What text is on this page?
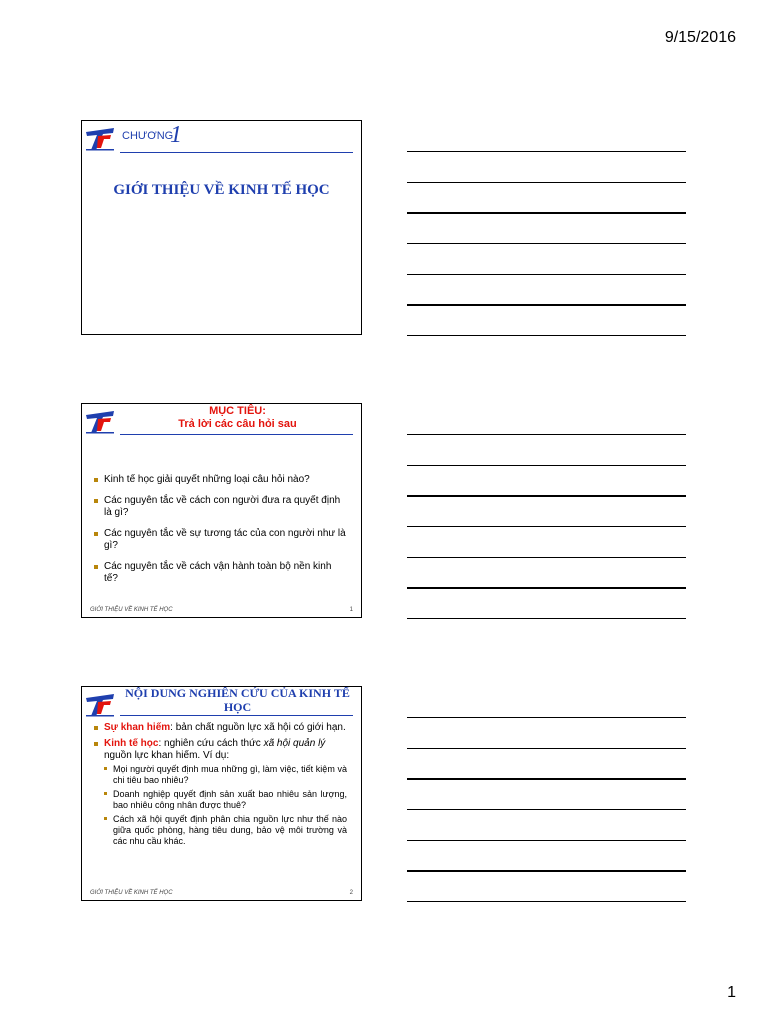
9/15/2016
CHƯƠNG
1
GIỚI THIỆU VỀ KINH TẾ HỌC
MỤC TIÊU:
Trả lời các câu hỏi sau
Kinh tế học giải quyết những loại câu hỏi nào?
Các nguyên tắc về cách con người đưa ra quyết định là gì?
Các nguyên tắc về sự tương tác của con người như là gì?
Các nguyên tắc về cách vận hành toàn bộ nền kinh tế?
GIỚI THIỆU VỀ KINH TẾ HỌC	1
NỘI DUNG NGHIÊN CỨU CỦA KINH TẾ HỌC
Sự khan hiếm: bản chất nguồn lực xã hội có giới hạn.
Kinh tế học: nghiên cứu cách thức xã hội quản lý nguồn lực khan hiếm. Ví dụ:
Mọi người quyết định mua những gì, làm việc, tiết kiệm và chi tiêu bao nhiêu?
Doanh nghiệp quyết định sản xuất bao nhiêu sản lượng, bao nhiêu công nhân được thuê?
Cách xã hội quyết định phân chia nguồn lực như thế nào giữa quốc phòng, hàng tiêu dung, bảo vệ môi trường và các nhu cầu khác.
GIỚI THIỆU VỀ KINH TẾ HỌC	2
1
